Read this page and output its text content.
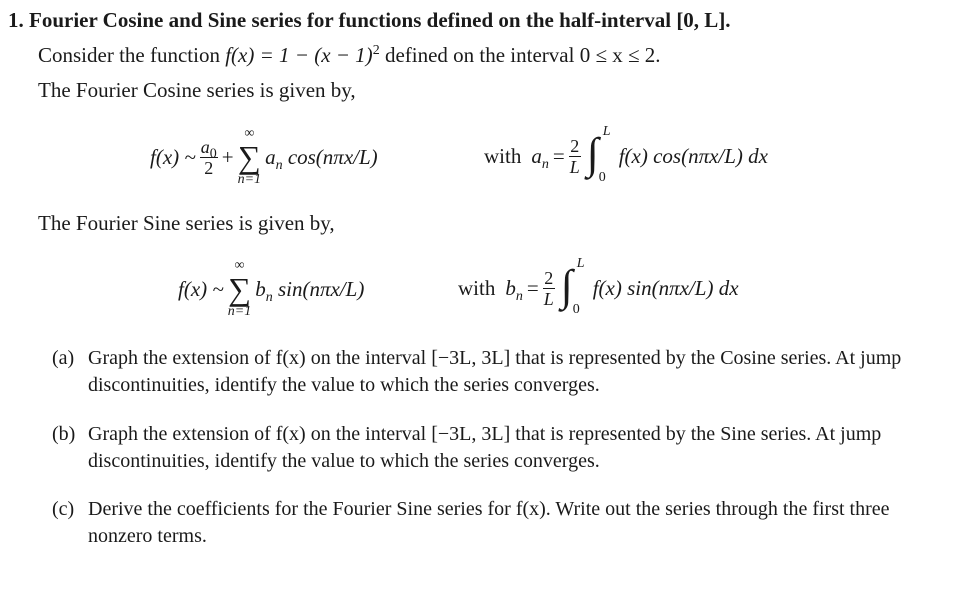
1. Fourier Cosine and Sine series for functions defined on the half-interval [0, L].
Consider the function $f(x) = 1 - (x - 1)^2$ defined on the interval 0 ≤ x ≤ 2.
The Fourier Cosine series is given by,
f(x) ~ $\frac{a_0}{2}$ +
∞
∑
n=1
$a_n$ cos(nπx/L)	with $a_n = \frac{2}{L}$ ∫ L
0
f(x) cos(nπx/L) dx
The Fourier Sine series is given by,
f(x) ~
∞
∑
n=1
$b_n$ sin(nπx/L)	with $b_n = \frac{2}{L}$ ∫ L
0
f(x) sin(nπx/L) dx
(a) Graph the extension of f(x) on the interval [−3L, 3L] that is represented by the Cosine series. At jump discontinuities, identify the value to which the series converges.
(b) Graph the extension of f(x) on the interval [−3L, 3L] that is represented by the Sine series. At jump discontinuities, identify the value to which the series converges.
(c) Derive the coefficients for the Fourier Sine series for f(x). Write out the series through the first three nonzero terms.
